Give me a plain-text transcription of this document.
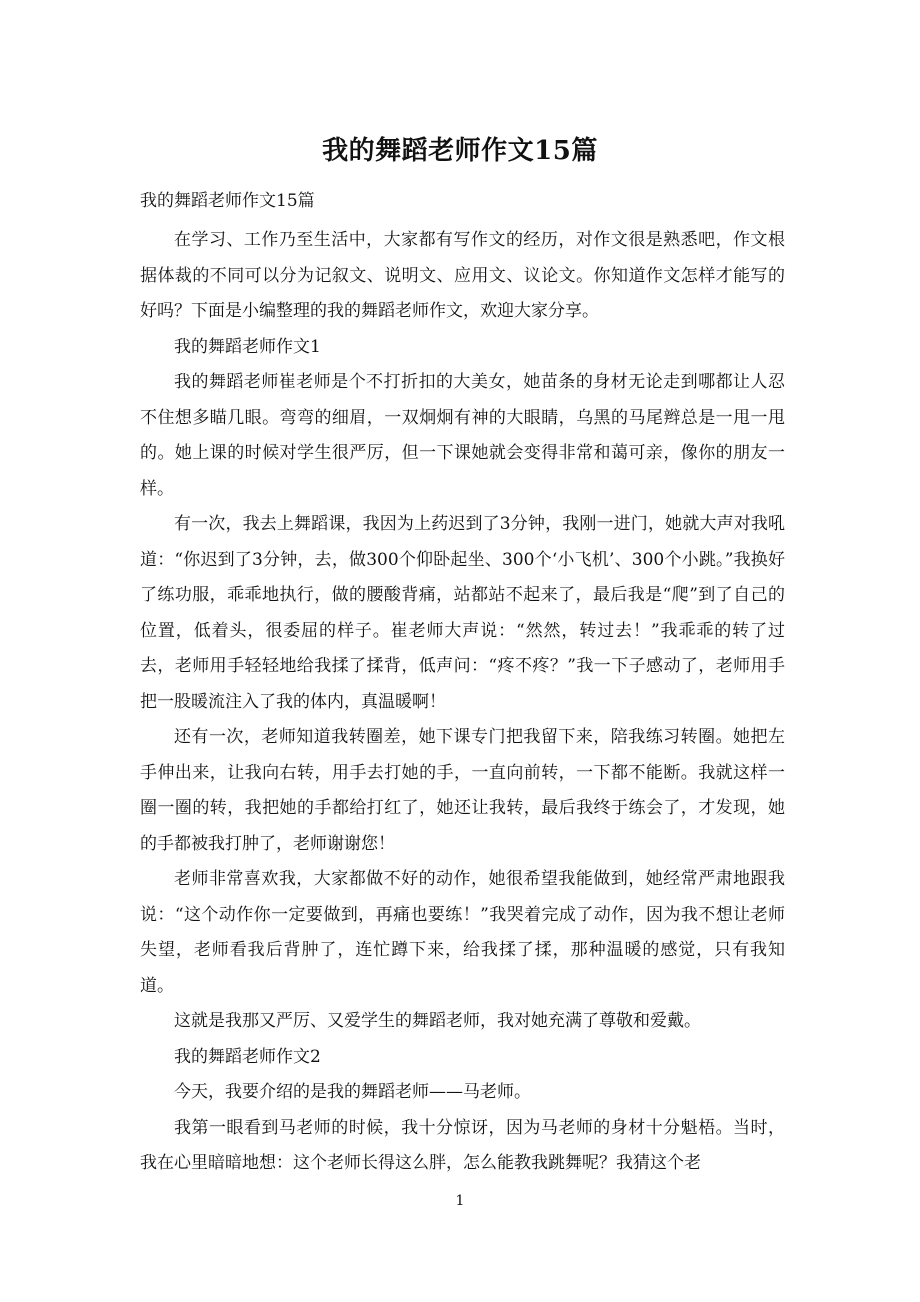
我的舞蹈老师作文15篇
我的舞蹈老师作文15篇

在学习、工作乃至生活中，大家都有写作文的经历，对作文很是熟悉吧，作文根据体裁的不同可以分为记叙文、说明文、应用文、议论文。你知道作文怎样才能写的好吗？下面是小编整理的我的舞蹈老师作文，欢迎大家分享。

我的舞蹈老师作文1

我的舞蹈老师崔老师是个不打折扣的大美女，她苗条的身材无论走到哪都让人忍不住想多瞄几眼。弯弯的细眉，一双炯炯有神的大眼睛，乌黑的马尾辫总是一甩一甩的。她上课的时候对学生很严厉，但一下课她就会变得非常和蔼可亲，像你的朋友一样。

有一次，我去上舞蹈课，我因为上药迟到了3分钟，我刚一进门，她就大声对我吼道：“你迟到了3分钟，去，做300个仰卧起坐、300个‘小飞机’、300个小跳。”我换好了练功服，乖乖地执行，做的腰酸背痛，站都站不起来了，最后我是“爬”到了自己的位置，低着头，很委屈的样子。崔老师大声说：“然然，转过去！”我乖乖的转了过去，老师用手轻轻地给我揉了揉背，低声问：“疼不疼？”我一下子感动了，老师用手把一股暖流注入了我的体内，真温暖啊！

还有一次，老师知道我转圈差，她下课专门把我留下来，陪我练习转圈。她把左手伸出来，让我向右转，用手去打她的手，一直向前转，一下都不能断。我就这样一圈一圈的转，我把她的手都给打红了，她还让我转，最后我终于练会了，才发现，她的手都被我打肿了，老师谢谢您！

老师非常喜欢我，大家都做不好的动作，她很希望我能做到，她经常严肃地跟我说：“这个动作你一定要做到，再痛也要练！”我哭着完成了动作，因为我不想让老师失望，老师看我后背肿了，连忙蹲下来，给我揉了揉，那种温暖的感觉，只有我知道。

这就是我那又严厉、又爱学生的舞蹈老师，我对她充满了尊敬和爱戴。

我的舞蹈老师作文2

今天，我要介绍的是我的舞蹈老师——马老师。

我第一眼看到马老师的时候，我十分惊讶，因为马老师的身材十分魁梧。当时，我在心里暗暗地想：这个老师长得这么胖，怎么能教我跳舞呢？我猜这个老

1
